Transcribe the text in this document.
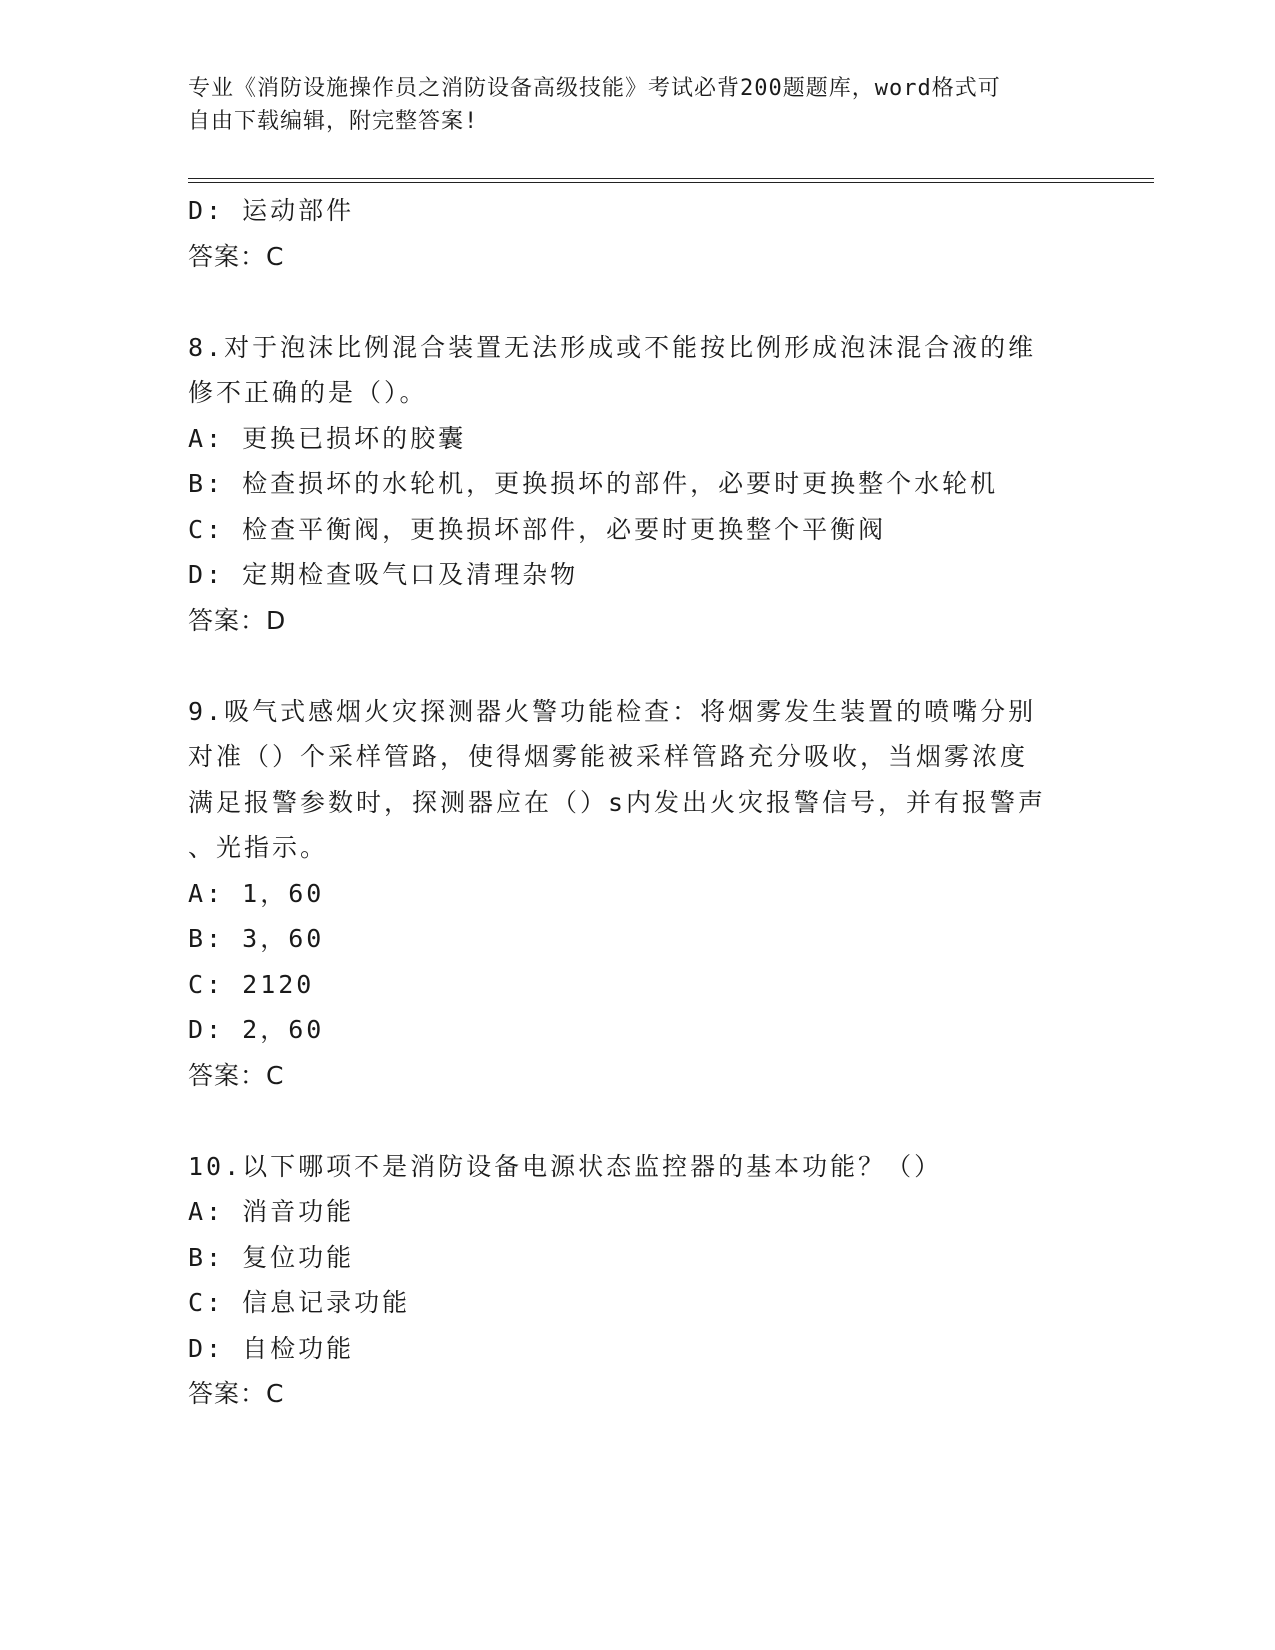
专业《消防设施操作员之消防设备高级技能》考试必背200题题库，word格式可
自由下载编辑，附完整答案!
D: 运动部件
答案：C
8.对于泡沫比例混合装置无法形成或不能按比例形成泡沫混合液的维
修不正确的是（）。
A: 更换已损坏的胶囊
B: 检查损坏的水轮机，更换损坏的部件，必要时更换整个水轮机
C: 检查平衡阀，更换损坏部件，必要时更换整个平衡阀
D: 定期检查吸气口及清理杂物
答案：D
9.吸气式感烟火灾探测器火警功能检查：将烟雾发生装置的喷嘴分别
对准（）个采样管路，使得烟雾能被采样管路充分吸收，当烟雾浓度
满足报警参数时，探测器应在（）s内发出火灾报警信号，并有报警声
、光指示。
A: 1，60
B: 3，60
C: 2120
D: 2，60
答案：C
10.以下哪项不是消防设备电源状态监控器的基本功能？（）
A: 消音功能
B: 复位功能
C: 信息记录功能
D: 自检功能
答案：C
